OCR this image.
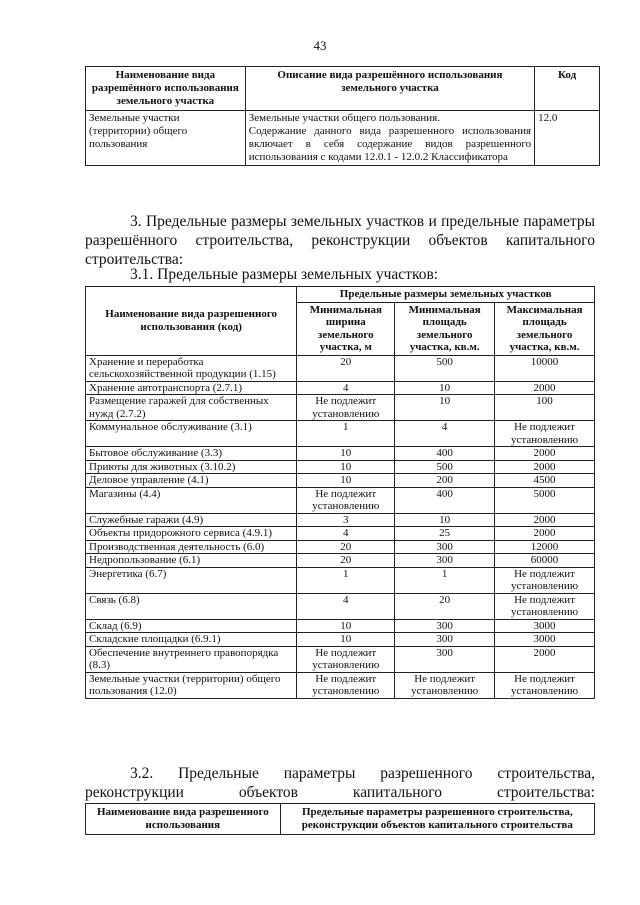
43
Наименование вида разрешённого использования земельного участка	Описание вида разрешённого использования земельного участка	Код
Земельные участки (территории) общего пользования	Земельные участки общего пользования.
Содержание данного вида разрешенного использования включает в себя содержание видов разрешенного использования с кодами 12.0.1 - 12.0.2 Классификатора	12.0
3. Предельные размеры земельных участков и предельные параметры разрешённого строительства, реконструкции объектов капитального строительства:
3.1. Предельные размеры земельных участков:
Наименование вида разрешенного использования (код)	Предельные размеры земельных участков		
	Минимальная ширина земельного участка, м	Минимальная площадь земельного участка, кв.м.	Максимальная площадь земельного участка, кв.м.
Хранение и переработка сельскохозяйственной продукции (1.15)	20	500	10000
Хранение автотранспорта (2.7.1)	4	10	2000
Размещение гаражей для собственных нужд (2.7.2)	Не подлежит установлению	10	100
Коммунальное обслуживание (3.1)	1	4	Не подлежит установлению
Бытовое обслуживание (3.3)	10	400	2000
Приюты для животных (3.10.2)	10	500	2000
Деловое управление (4.1)	10	200	4500
Магазины (4.4)	Не подлежит установлению	400	5000
Служебные гаражи (4.9)	3	10	2000
Объекты придорожного сервиса (4.9.1)	4	25	2000
Производственная деятельность (6.0)	20	300	12000
Недропользование (6.1)	20	300	60000
Энергетика (6.7)	1	1	Не подлежит установлению
Связь (6.8)	4	20	Не подлежит установлению
Склад (6.9)	10	300	3000
Складские площадки (6.9.1)	10	300	3000
Обеспечение внутреннего правопорядка (8.3)	Не подлежит установлению	300	2000
Земельные участки (территории) общего пользования (12.0)	Не подлежит установлению	Не подлежит установлению	Не подлежит установлению
3.2. Предельные параметры разрешенного строительства, реконструкции объектов капитального строительства:
Наименование вида разрешенного использования	Предельные параметры разрешенного строительства, реконструкции объектов капитального строительства
